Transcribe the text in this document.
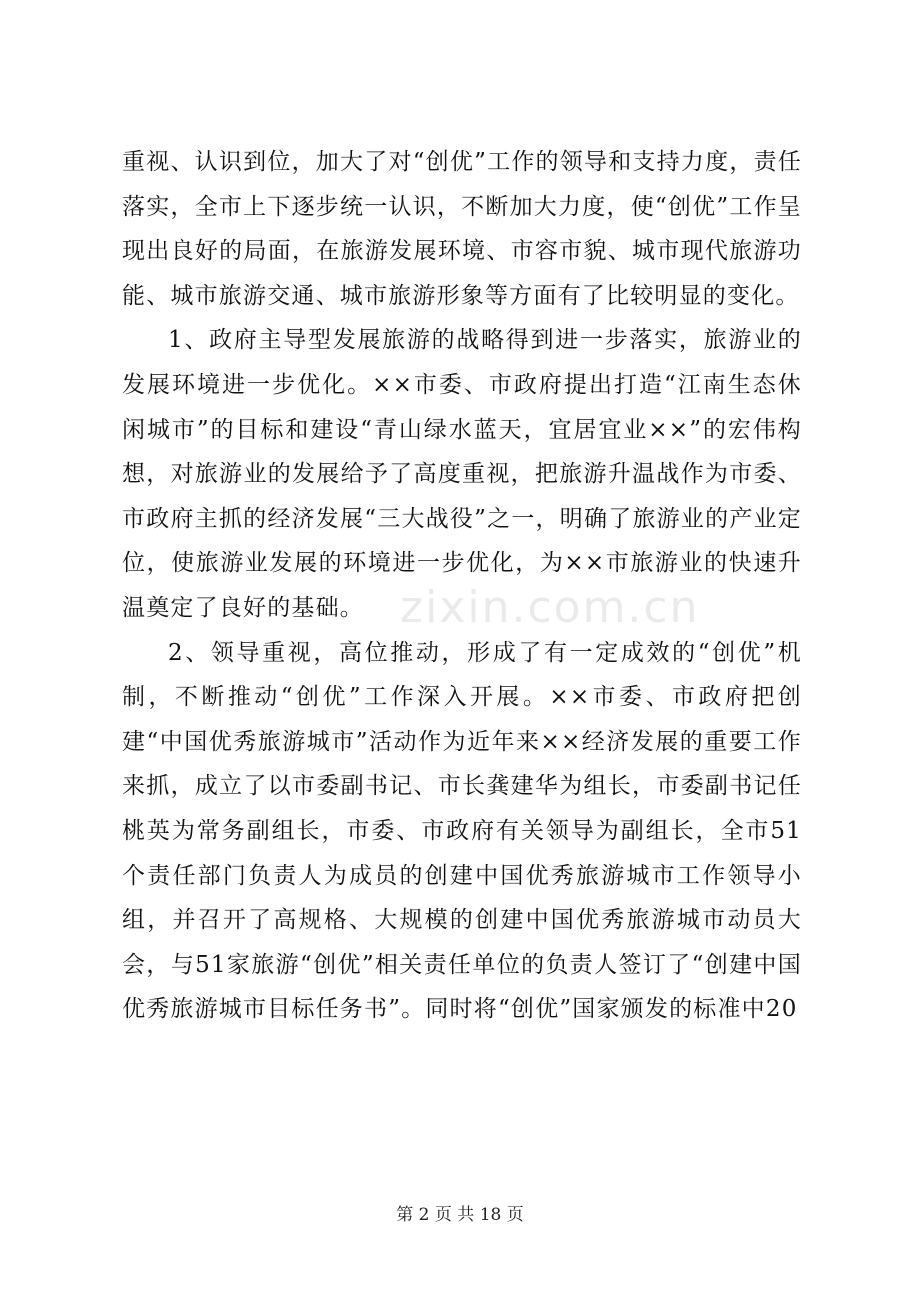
重视、认识到位，加大了对“创优”工作的领导和支持力度，责任落实，全市上下逐步统一认识，不断加大力度，使“创优”工作呈现出良好的局面，在旅游发展环境、市容市貌、城市现代旅游功能、城市旅游交通、城市旅游形象等方面有了比较明显的变化。

1、政府主导型发展旅游的战略得到进一步落实，旅游业的发展环境进一步优化。××市委、市政府提出打造“江南生态休闲城市”的目标和建设“青山绿水蓝天，宜居宜业××”的宏伟构想，对旅游业的发展给予了高度重视，把旅游升温战作为市委、市政府主抓的经济发展“三大战役”之一，明确了旅游业的产业定位，使旅游业发展的环境进一步优化，为××市旅游业的快速升温奠定了良好的基础。

2、领导重视，高位推动，形成了有一定成效的“创优”机制，不断推动“创优”工作深入开展。××市委、市政府把创建“中国优秀旅游城市”活动作为近年来××经济发展的重要工作来抓，成立了以市委副书记、市长龚建华为组长，市委副书记任桃英为常务副组长，市委、市政府有关领导为副组长，全市51个责任部门负责人为成员的创建中国优秀旅游城市工作领导小组，并召开了高规格、大规模的创建中国优秀旅游城市动员大会，与51家旅游“创优”相关责任单位的负责人签订了“创建中国优秀旅游城市目标任务书”。同时将“创优”国家颁发的标准中20

zixin.com.cn
第 2 页 共 18 页
